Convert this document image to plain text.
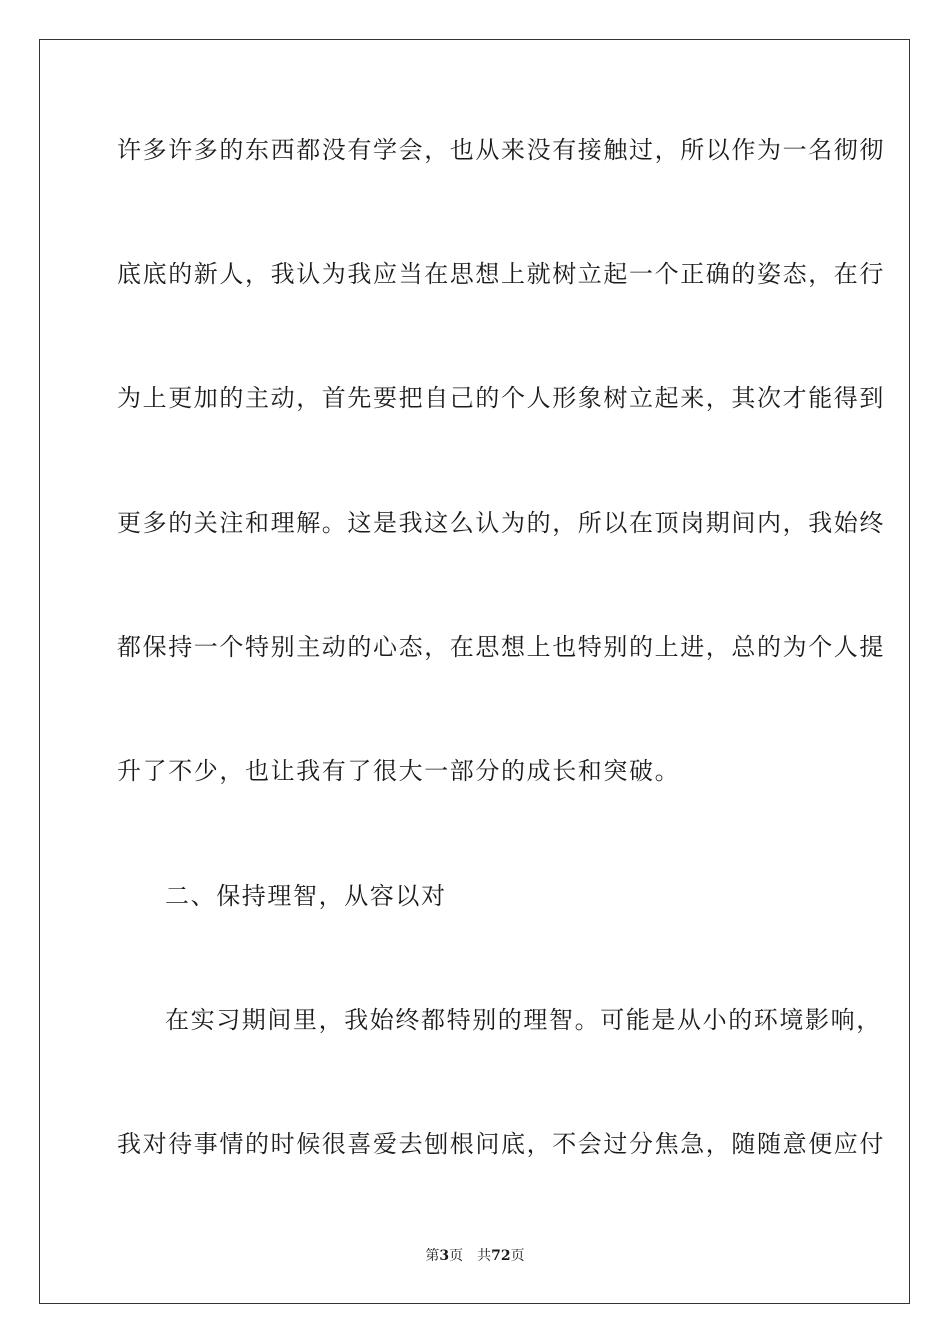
许多许多的东西都没有学会，也从来没有接触过，所以作为一名彻彻
底底的新人，我认为我应当在思想上就树立起一个正确的姿态，在行
为上更加的主动，首先要把自己的个人形象树立起来，其次才能得到
更多的关注和理解。这是我这么认为的，所以在顶岗期间内，我始终
都保持一个特别主动的心态，在思想上也特别的上进，总的为个人提
升了不少，也让我有了很大一部分的成长和突破。
二、保持理智，从容以对
在实习期间里，我始终都特别的理智。可能是从小的环境影响，
我对待事情的时候很喜爱去刨根问底，不会过分焦急，随随意便应付
第3页 共72页
